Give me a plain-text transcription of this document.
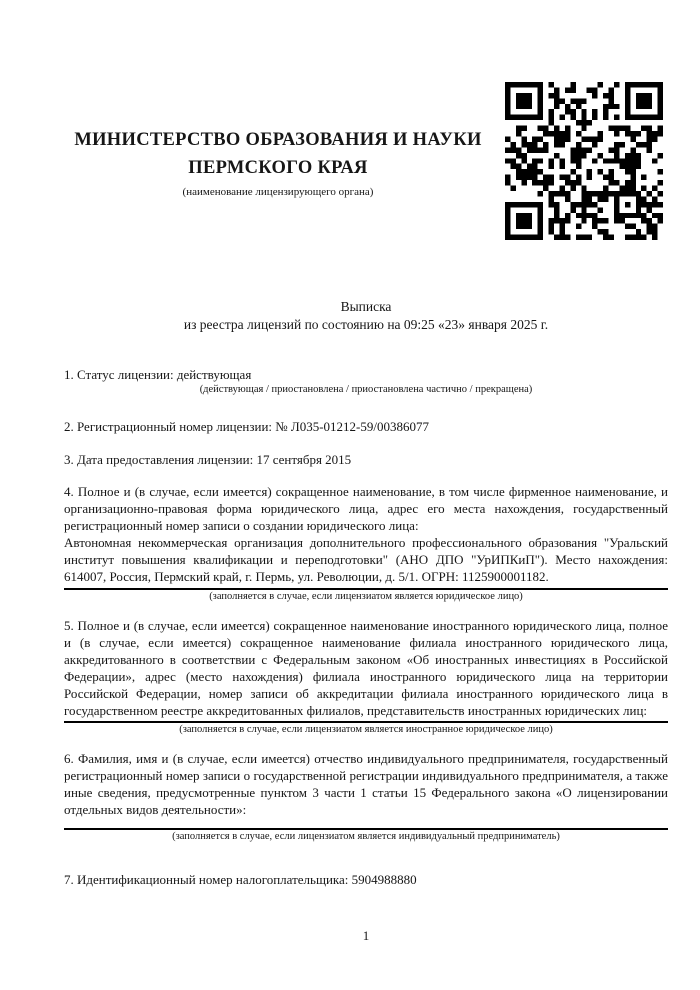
МИНИСТЕРСТВО ОБРАЗОВАНИЯ И НАУКИ
ПЕРМСКОГО КРАЯ
(наименование лицензирующего органа)
Выписка
из реестра лицензий по состоянию на 09:25 «23» января 2025 г.

1. Статус лицензии: действующая

(действующая / приостановлена / приостановлена частично / прекращена)

2. Регистрационный номер лицензии: № Л035-01212-59/00386077

3. Дата предоставления лицензии: 17 сентября 2015

4. Полное и (в случае, если имеется) сокращенное наименование, в том числе фирменное наименование, и организационно-правовая форма юридического лица, адрес его места нахождения, государственный регистрационный номер записи о создании юридического лица:

Автономная некоммерческая организация дополнительного профессионального образования "Уральский институт повышения квалификации и переподготовки" (АНО ДПО "УрИПКиП"). Место нахождения: 614007, Россия, Пермский край, г. Пермь, ул. Революции, д. 5/1. ОГРН: 1125900001182.

(заполняется в случае, если лицензиатом является юридическое лицо)

5. Полное и (в случае, если имеется) сокращенное наименование иностранного юридического лица, полное и (в случае, если имеется) сокращенное наименование филиала иностранного юридического лица, аккредитованного в соответствии с Федеральным законом «Об иностранных инвестициях в Российской Федерации», адрес (место нахождения) филиала иностранного юридического лица на территории Российской Федерации, номер записи об аккредитации филиала иностранного юридического лица в государственном реестре аккредитованных филиалов, представительств иностранных юридических лиц:

(заполняется в случае, если лицензиатом является иностранное юридическое лицо)

6. Фамилия, имя и (в случае, если имеется) отчество индивидуального предпринимателя, государственный регистрационный номер записи о государственной регистрации индивидуального предпринимателя, а также иные сведения, предусмотренные пунктом 3 части 1 статьи 15 Федерального закона «О лицензировании отдельных видов деятельности»:

(заполняется в случае, если лицензиатом является индивидуальный предприниматель)

7. Идентификационный номер налогоплательщика: 5904988880

1
